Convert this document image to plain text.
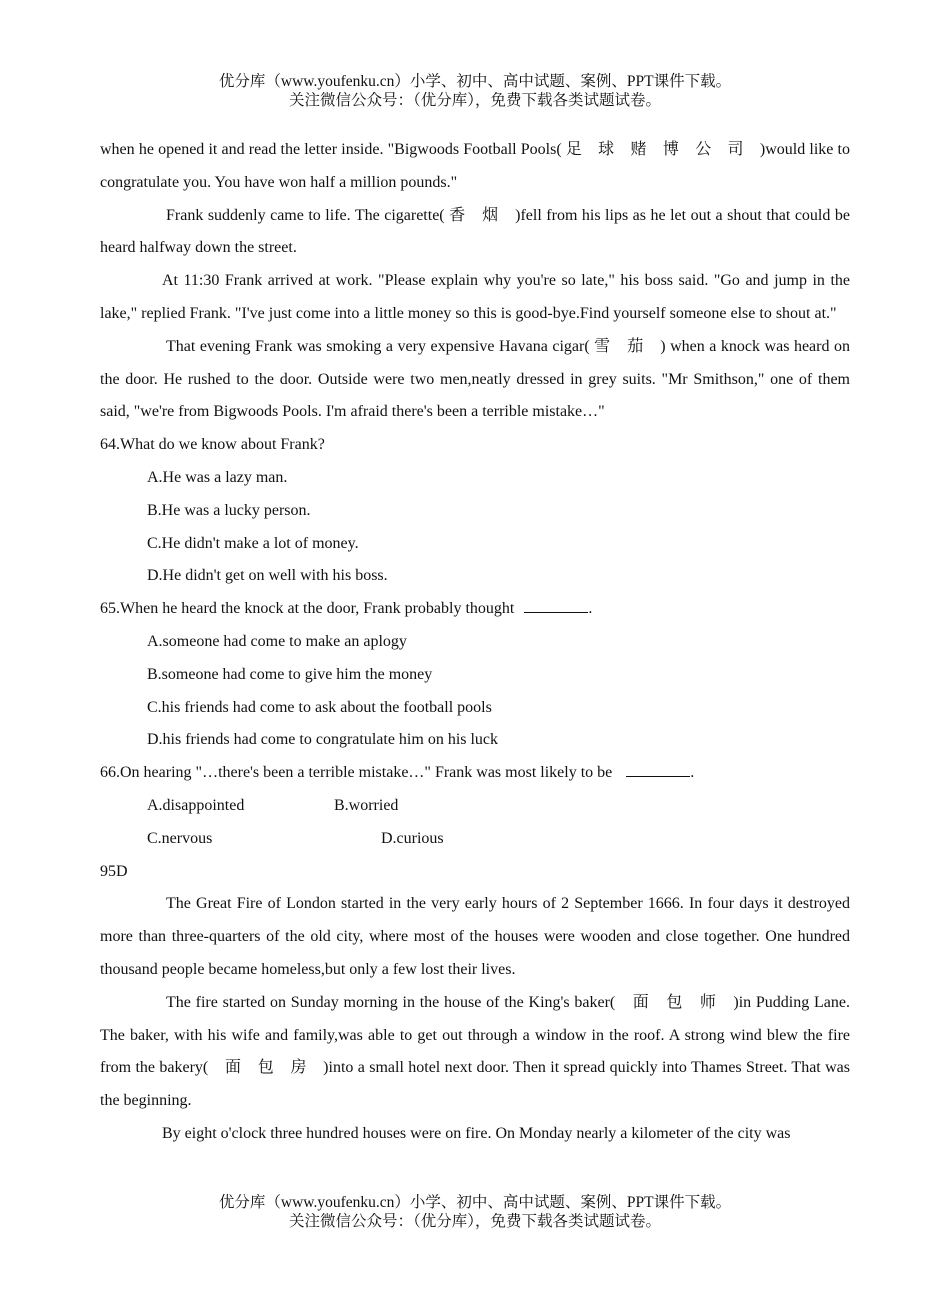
优分库（www.youfenku.cn）小学、初中、高中试题、案例、PPT课件下载。
关注微信公众号：（优分库），免费下载各类试题试卷。

when he opened it and read the letter inside. "Bigwoods Football Pools( 足　球　赌　博　公　司　)would like to congratulate you. You have won half a million pounds."

Frank suddenly came to life. The cigarette( 香　烟　)fell from his lips as he let out a shout that could be heard halfway down the street.

At 11:30 Frank arrived at work. "Please explain why you're so late," his boss said. "Go and jump in the lake," replied Frank. "I've just come into a little money so this is good-bye.Find yourself someone else to shout at."

That evening Frank was smoking a very expensive Havana cigar( 雪　茄　) when a knock was heard on the door. He rushed to the door. Outside were two men,neatly dressed in grey suits. "Mr Smithson," one of them said, "we're from Bigwoods Pools. I'm afraid there's been a terrible mistake…"

64.What do we know about Frank?

A.He was a lazy man.

B.He was a lucky person.

C.He didn't make a lot of money.

D.He didn't get on well with his boss.

65.When he heard the knock at the door, Frank probably thought	.

A.someone had come to make an aplogy

B.someone had come to give him the money

C.his friends had come to ask about the football pools

D.his friends had come to congratulate him on his luck

66.On hearing "…there's been a terrible mistake…" Frank was most likely to be	.

A.disappointed	B.worried

C.nervous	D.curious

95D

The Great Fire of London started in the very early hours of 2 September 1666. In four days it destroyed more than three-quarters of the old city, where most of the houses were wooden and close together. One hundred thousand people became homeless,but only a few lost their lives.

The fire started on Sunday morning in the house of the King's baker(　面　包　师　)in Pudding Lane. The baker, with his wife and family,was able to get out through a window in the roof. A strong wind blew the fire from the bakery(　面　包　房　)into a small hotel next door. Then it spread quickly into Thames Street. That was the beginning.

By eight o'clock three hundred houses were on fire. On Monday nearly a kilometer of the city was

优分库（www.youfenku.cn）小学、初中、高中试题、案例、PPT课件下载。
关注微信公众号：（优分库），免费下载各类试题试卷。
